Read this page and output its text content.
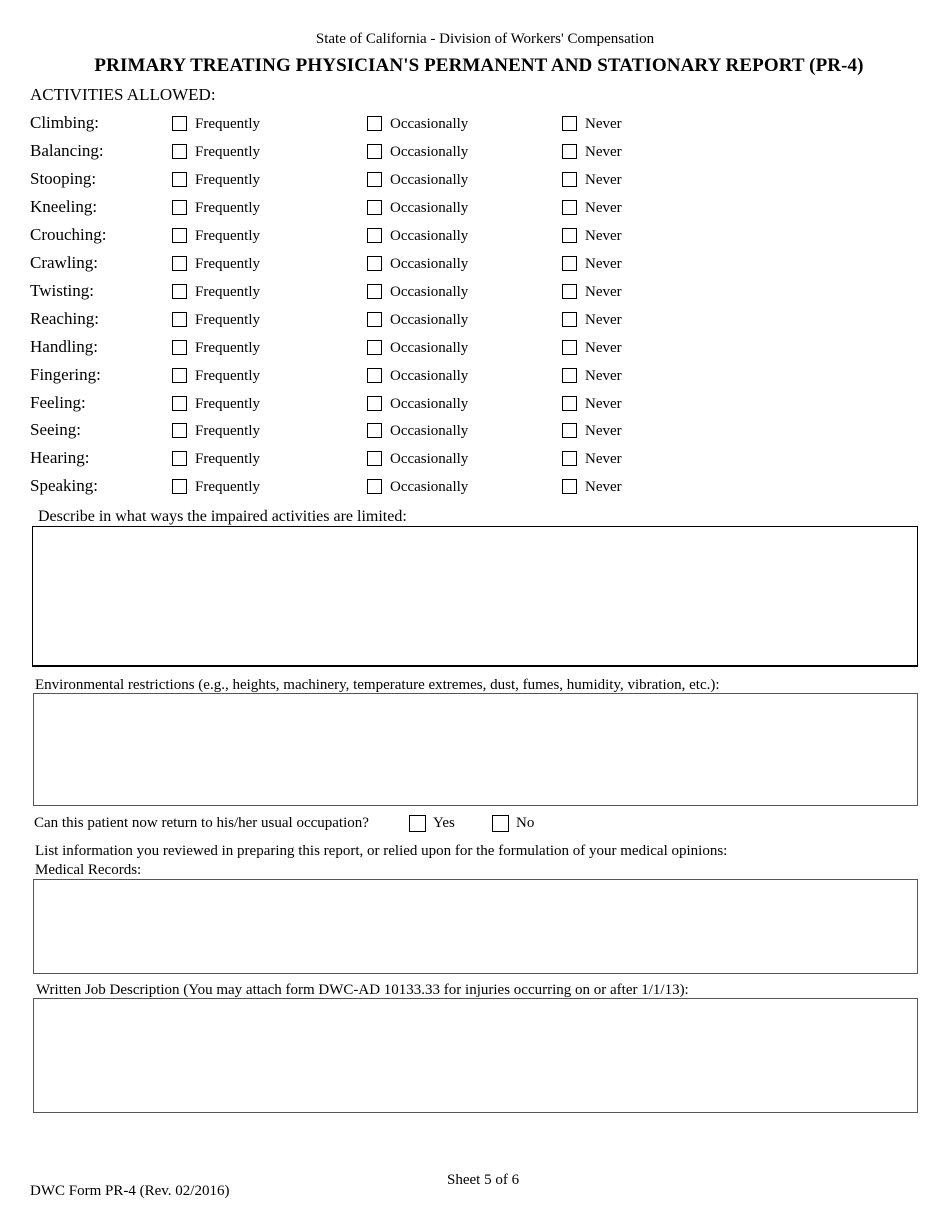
State of California - Division of Workers' Compensation
PRIMARY TREATING PHYSICIAN'S PERMANENT AND STATIONARY REPORT (PR-4)
ACTIVITIES ALLOWED:
Climbing:	Frequently	Occasionally	Never
Balancing:	Frequently	Occasionally	Never
Stooping:	Frequently	Occasionally	Never
Kneeling:	Frequently	Occasionally	Never
Crouching:	Frequently	Occasionally	Never
Crawling:	Frequently	Occasionally	Never
Twisting:	Frequently	Occasionally	Never
Reaching:	Frequently	Occasionally	Never
Handling:	Frequently	Occasionally	Never
Fingering:	Frequently	Occasionally	Never
Feeling:	Frequently	Occasionally	Never
Seeing:	Frequently	Occasionally	Never
Hearing:	Frequently	Occasionally	Never
Speaking:	Frequently	Occasionally	Never
Describe in what ways the impaired activities are limited:
Environmental restrictions (e.g., heights, machinery, temperature extremes, dust, fumes, humidity, vibration, etc.):
Can this patient now return to his/her usual occupation?	Yes	No
List information you reviewed in preparing this report, or relied upon for the formulation of your medical opinions:
Medical Records:
Written Job Description (You may attach form DWC-AD 10133.33 for injuries occurring on or after 1/1/13):
Sheet 5 of 6
DWC Form PR-4 (Rev. 02/2016)
